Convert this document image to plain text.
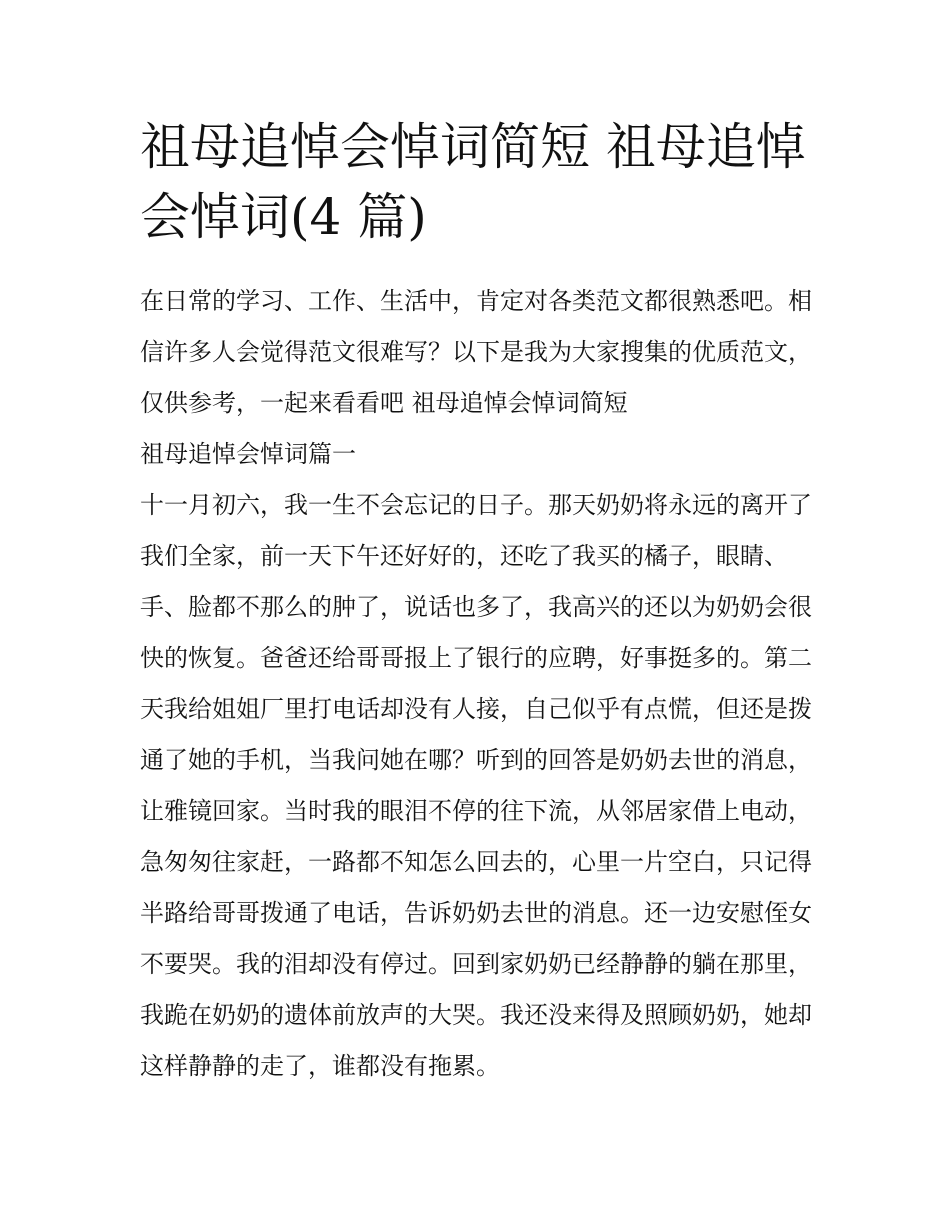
祖母追悼会悼词简短 祖母追悼会悼词(4 篇)

在日常的学习、工作、生活中，肯定对各类范文都很熟悉吧。相信许多人会觉得范文很难写？以下是我为大家搜集的优质范文，仅供参考，一起来看看吧 祖母追悼会悼词简短

祖母追悼会悼词篇一

十一月初六，我一生不会忘记的日子。那天奶奶将永远的离开了我们全家，前一天下午还好好的，还吃了我买的橘子，眼睛、手、脸都不那么的肿了，说话也多了，我高兴的还以为奶奶会很快的恢复。爸爸还给哥哥报上了银行的应聘，好事挺多的。第二天我给姐姐厂里打电话却没有人接，自己似乎有点慌，但还是拨通了她的手机，当我问她在哪？听到的回答是奶奶去世的消息，让雅镜回家。当时我的眼泪不停的往下流，从邻居家借上电动，急匆匆往家赶，一路都不知怎么回去的，心里一片空白，只记得半路给哥哥拨通了电话，告诉奶奶去世的消息。还一边安慰侄女不要哭。我的泪却没有停过。回到家奶奶已经静静的躺在那里，我跪在奶奶的遗体前放声的大哭。我还没来得及照顾奶奶，她却这样静静的走了，谁都没有拖累。
